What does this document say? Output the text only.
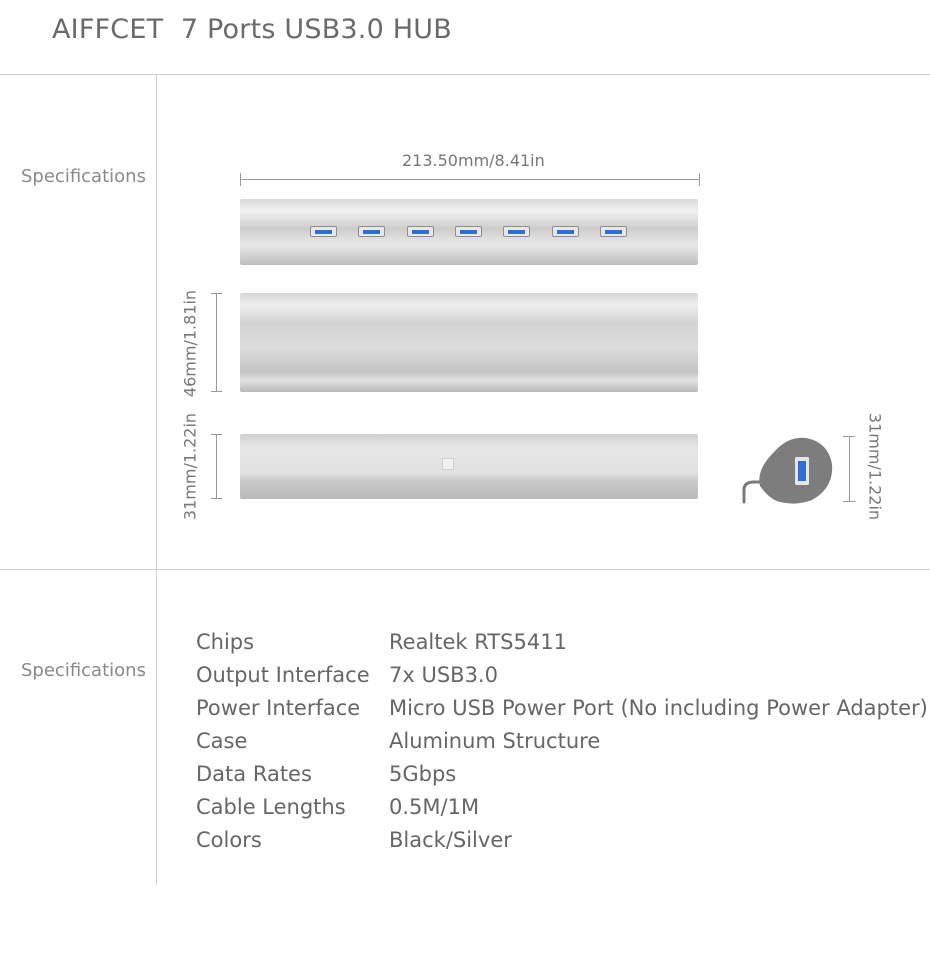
AIFFCET  7 Ports USB3.0 HUB
Specifications
Specifications
213.50mm/8.41in
46mm/1.81in
31mm/1.22in	31mm/1.22in
Chips	Realtek RTS5411
Output Interface	7x USB3.0
Power Interface	Micro USB Power Port (No including Power Adapter)
Case	Aluminum Structure
Data Rates	5Gbps
Cable Lengths	0.5M/1M
Colors	Black/Silver
